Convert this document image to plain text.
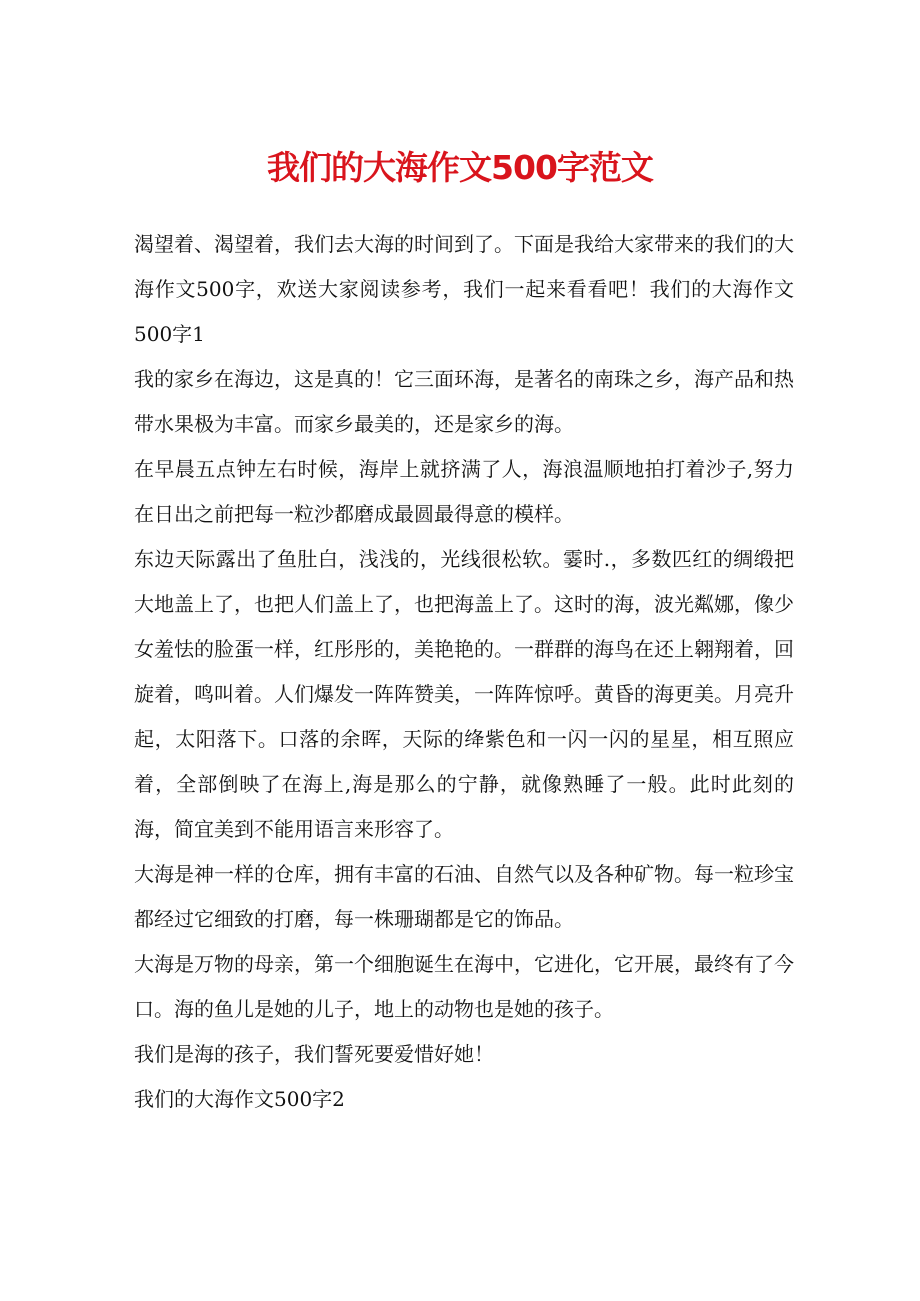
我们的大海作文500字范文

渴望着、渴望着，我们去大海的时间到了。下面是我给大家带来的我们的大海作文500字，欢送大家阅读参考，我们一起来看看吧！我们的大海作文500字1

我的家乡在海边，这是真的！它三面环海，是著名的南珠之乡，海产品和热带水果极为丰富。而家乡最美的，还是家乡的海。

在早晨五点钟左右时候，海岸上就挤满了人，海浪温顺地拍打着沙子,努力在日出之前把每一粒沙都磨成最圆最得意的模样。

东边天际露出了鱼肚白，浅浅的，光线很松软。霎时.，多数匹红的绸缎把大地盖上了，也把人们盖上了，也把海盖上了。这时的海，波光粼娜，像少女羞怯的脸蛋一样，红彤彤的，美艳艳的。一群群的海鸟在还上翱翔着，回旋着，鸣叫着。人们爆发一阵阵赞美，一阵阵惊呼。黄昏的海更美。月亮升起，太阳落下。口落的余晖，天际的绛紫色和一闪一闪的星星，相互照应着，全部倒映了在海上,海是那么的宁静，就像熟睡了一般。此时此刻的海，简宜美到不能用语言来形容了。

大海是神一样的仓库，拥有丰富的石油、自然气以及各种矿物。每一粒珍宝都经过它细致的打磨，每一株珊瑚都是它的饰品。

大海是万物的母亲，第一个细胞诞生在海中，它进化，它开展，最终有了今口。海的鱼儿是她的儿子，地上的动物也是她的孩子。

我们是海的孩子，我们誓死要爱惜好她！

我们的大海作文500字2
